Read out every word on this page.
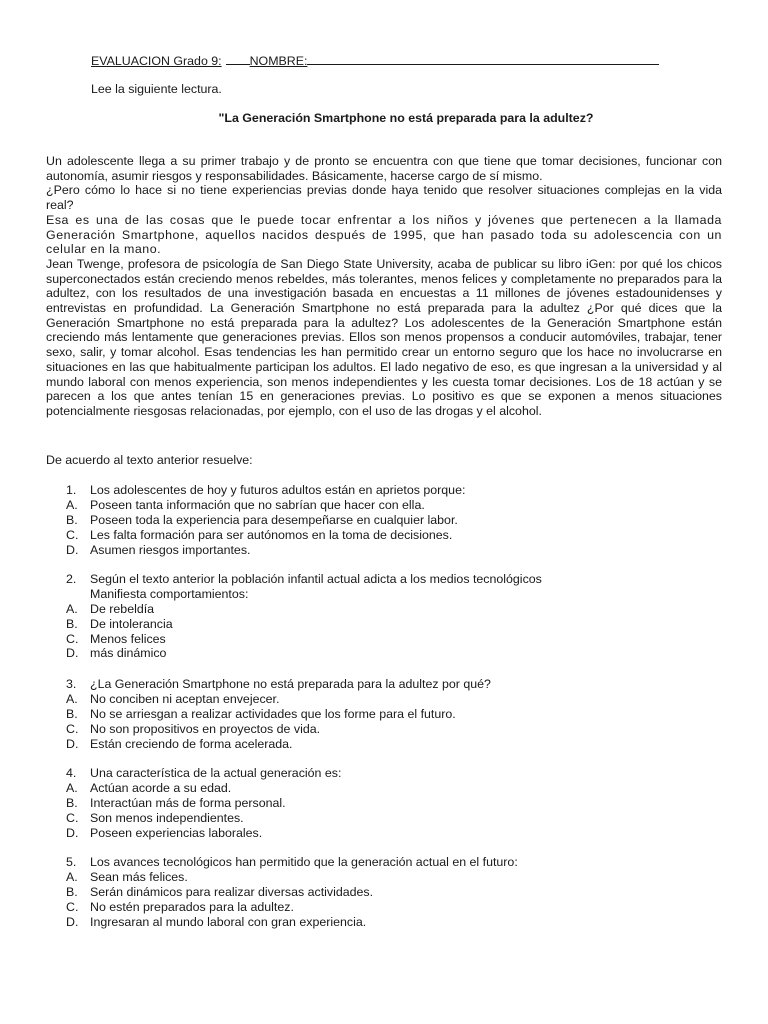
EVALUACION Grado 9: NOMBRE:
Lee la siguiente lectura.
"La Generación Smartphone no está preparada para la adultez?

Un adolescente llega a su primer trabajo y de pronto se encuentra con que tiene que tomar decisiones, funcionar con autonomía, asumir riesgos y responsabilidades. Básicamente, hacerse cargo de sí mismo.

¿Pero cómo lo hace si no tiene experiencias previas donde haya tenido que resolver situaciones complejas en la vida real?

Esa es una de las cosas que le puede tocar enfrentar a los niños y jóvenes que pertenecen a la llamada Generación Smartphone, aquellos nacidos después de 1995, que han pasado toda su adolescencia con un celular en la mano.

Jean Twenge, profesora de psicología de San Diego State University, acaba de publicar su libro iGen: por qué los chicos superconectados están creciendo menos rebeldes, más tolerantes, menos felices y completamente no preparados para la adultez, con los resultados de una investigación basada en encuestas a 11 millones de jóvenes estadounidenses y entrevistas en profundidad. La Generación Smartphone no está preparada para la adultez ¿Por qué dices que la Generación Smartphone no está preparada para la adultez? Los adolescentes de la Generación Smartphone están creciendo más lentamente que generaciones previas. Ellos son menos propensos a conducir automóviles, trabajar, tener sexo, salir, y tomar alcohol. Esas tendencias les han permitido crear un entorno seguro que los hace no involucrarse en situaciones en las que habitualmente participan los adultos. El lado negativo de eso, es que ingresan a la universidad y al mundo laboral con menos experiencia, son menos independientes y les cuesta tomar decisiones. Los de 18 actúan y se parecen a los que antes tenían 15 en generaciones previas. Lo positivo es que se exponen a menos situaciones potencialmente riesgosas relacionadas, por ejemplo, con el uso de las drogas y el alcohol.

De acuerdo al texto anterior resuelve:
1.	Los adolescentes de hoy y futuros adultos están en aprietos porque:
A. Poseen tanta información que no sabrían que hacer con ella.
B. Poseen toda la experiencia para desempeñarse en cualquier labor.
C. Les falta formación para ser autónomos en la toma de decisiones.
D. Asumen riesgos importantes.
2.	Según el texto anterior la población infantil actual adicta a los medios tecnológicos
Manifiesta comportamientos:
A. De rebeldía
B. De intolerancia
C. Menos felices
D. más dinámico
3.	¿La Generación Smartphone no está preparada para la adultez por qué?
A. No conciben ni aceptan envejecer.
B. No se arriesgan a realizar actividades que los forme para el futuro.
C. No son propositivos en proyectos de vida.
D. Están creciendo de forma acelerada.
4.	Una característica de la actual generación es:
A. Actúan acorde a su edad.
B. Interactúan más de forma personal.
C. Son menos independientes.
D. Poseen experiencias laborales.
5.	Los avances tecnológicos han permitido que la generación actual en el futuro:
A. Sean más felices.
B. Serán dinámicos para realizar diversas actividades.
C. No estén preparados para la adultez.
D. Ingresaran al mundo laboral con gran experiencia.
